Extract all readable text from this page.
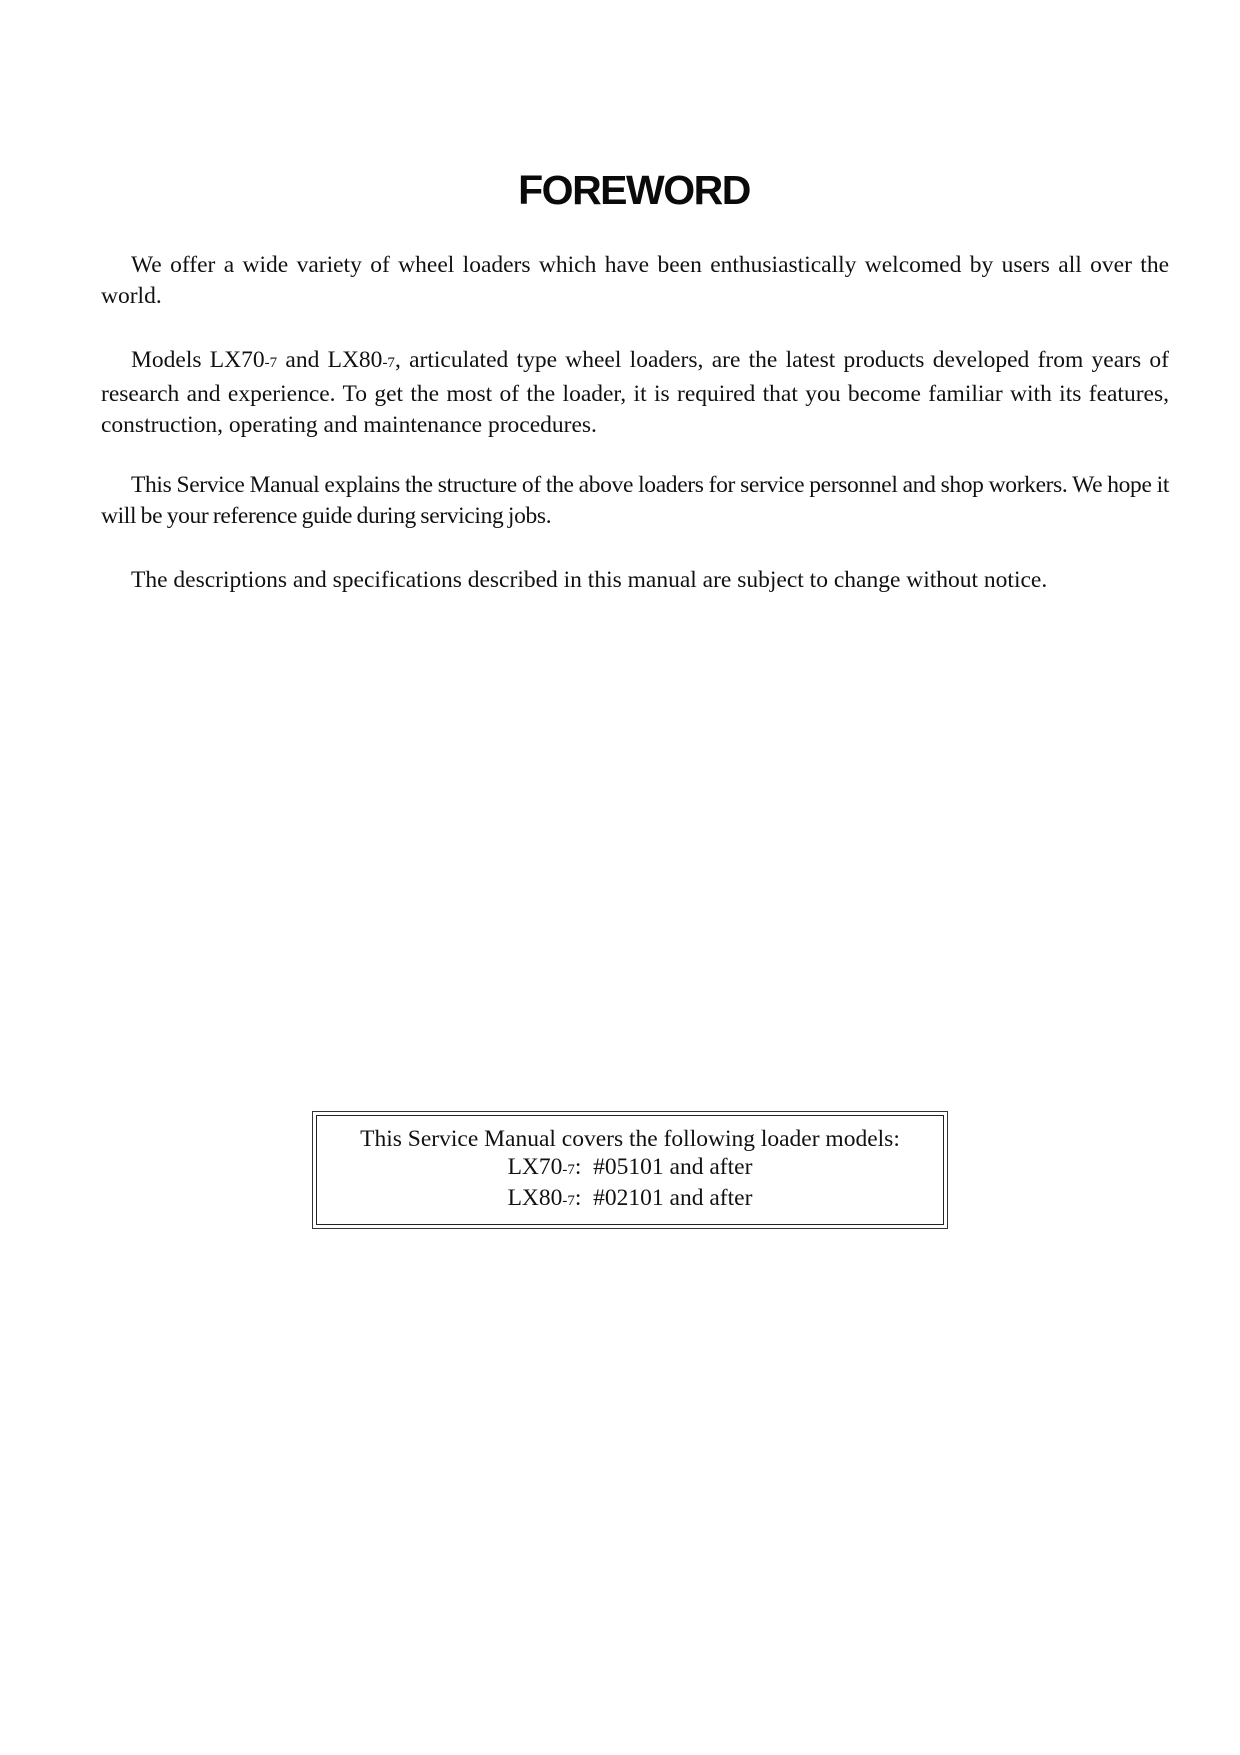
FOREWORD

We offer a wide variety of wheel loaders which have been enthusiastically welcomed by users all over the world.

Models LX70-7 and LX80-7, articulated type wheel loaders, are the latest products developed from years of research and experience. To get the most of the loader, it is required that you become familiar with its features, construction, operating and maintenance procedures.

This Service Manual explains the structure of the above loaders for service personnel and shop workers. We hope it will be your reference guide during servicing jobs.

The descriptions and specifications described in this manual are subject to change without notice.

This Service Manual covers the following loader models:
LX70-7:  #05101 and after
LX80-7:  #02101 and after
